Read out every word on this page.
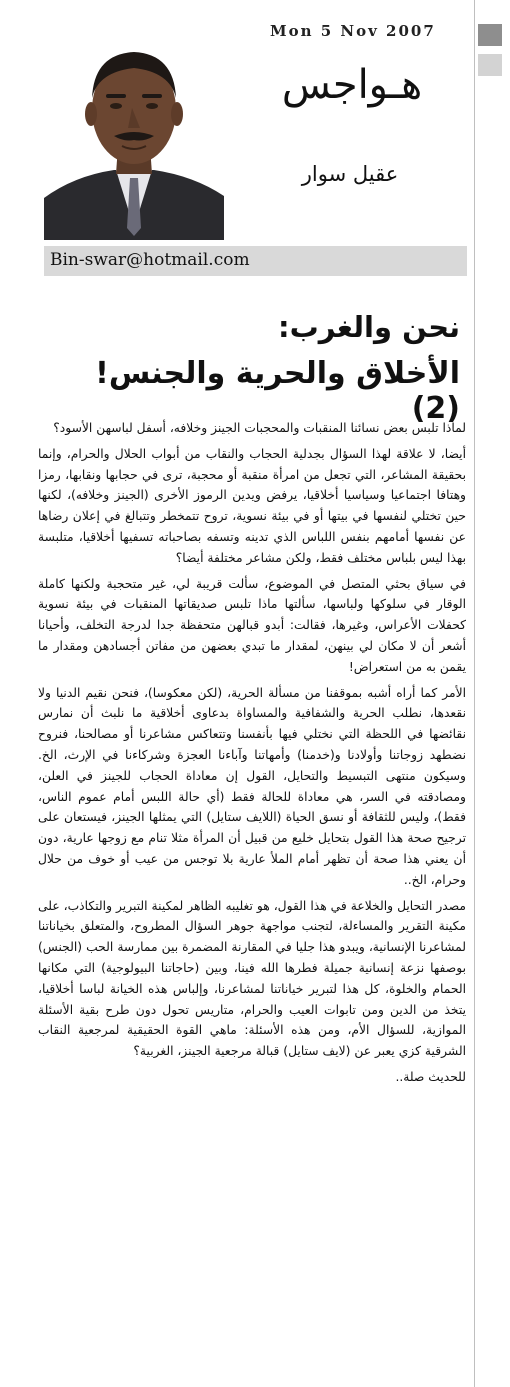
Mon 5 Nov 2007
هـواجس
عقيل سوار
Bin-swar@hotmail.com
نحن والغرب:
الأخلاق والحرية والجنس! (2)

لماذا تلبس بعض نسائنا المنقبات والمحجبات الجينز وخلافه، أسفل لباسهن الأسود؟

أيضا، لا علاقة لهذا السؤال بجدلية الحجاب والنقاب من أبواب الحلال والحرام، وإنما بحقيقة المشاعر، التي تجعل من امرأة منقبة أو محجبة، ترى في حجابها ونقابها، رمزا وهتافا اجتماعيا وسياسيا أخلاقيا، يرفض ويدين الرموز الأخرى (الجينز وخلافه)، لكنها حين تختلي لنفسها في بيتها أو في بيئة نسوية، تروح تتمخطر وتتبالغ في إعلان رضاها عن نفسها أمامهم بنفس اللباس الذي تدينه وتسفه بصاحباته تسفيها أخلاقيا، متلبسة بهذا ليس بلباس مختلف فقط، ولكن مشاعر مختلفة أيضا؟

في سياق بحثي المتصل في الموضوع، سألت قريبة لي، غير متحجبة ولكنها كاملة الوقار في سلوكها ولباسها، سألتها ماذا تلبس صديقاتها المنقبات في بيئة نسوية كحفلات الأعراس، وغيرها، فقالت: أبدو قبالهن متحفظة جدا لدرجة التخلف، وأحيانا أشعر أن لا مكان لي بينهن، لمقدار ما تبدي بعضهن من مفاتن أجسادهن ومقدار ما يقمن به من استعراض!

الأمر كما أراه أشبه بموقفنا من مسألة الحرية، (لكن معكوسا)، فنحن نقيم الدنيا ولا نقعدها، نطلب الحرية والشفافية والمساواة بدعاوى أخلاقية ما نلبث أن نمارس نقائضها في اللحظة التي نختلي فيها بأنفسنا وتتعاكس مشاعرنا أو مصالحنا، فنروح نضطهد زوجاتنا وأولادنا و(خدمنا) وأمهاتنا وآباءنا العجزة وشركاءنا في الإرث، الخ. وسيكون منتهى التبسيط والتحايل، القول إن معاداة الحجاب للجينز في العلن، ومصادقته في السر، هي معاداة للحالة فقط (أي حالة اللبس أمام عموم الناس، فقط)، وليس للثقافة أو نسق الحياة (اللايف ستايل) التي يمثلها الجينز، فيستعان على ترجيح صحة هذا القول بتحايل خليع من قبيل أن المرأة مثلا تنام مع زوجها عارية، دون أن يعني هذا صحة أن تظهر أمام الملأ عارية بلا توجس من عيب أو خوف من حلال وحرام، الخ..

مصدر التحايل والخلاعة في هذا القول، هو تغليبه الظاهر لمكينة التبرير والتكاذب، على مكينة التقرير والمساءلة، لتجنب مواجهة جوهر السؤال المطروح، والمتعلق بخياناتنا لمشاعرنا الإنسانية، ويبدو هذا جليا في المقارنة المضمرة بين ممارسة الحب (الجنس) بوصفها نزعة إنسانية جميلة فطرها الله فينا، وبين (حاجاتنا البيولوجية) التي مكانها الحمام والخلوة، كل هذا لتبرير خياناتنا لمشاعرنا، وإلباس هذه الخيانة لباسا أخلاقيا، يتخذ من الدين ومن تابوات العيب والحرام، متاريس تحول دون طرح بقية الأسئلة الموازية، للسؤال الأم، ومن هذه الأسئلة: ماهي القوة الحقيقية لمرجعية النقاب الشرقية كزي يعبر عن (لايف ستايل) قبالة مرجعية الجينز، الغربية؟

للحديث صلة..
